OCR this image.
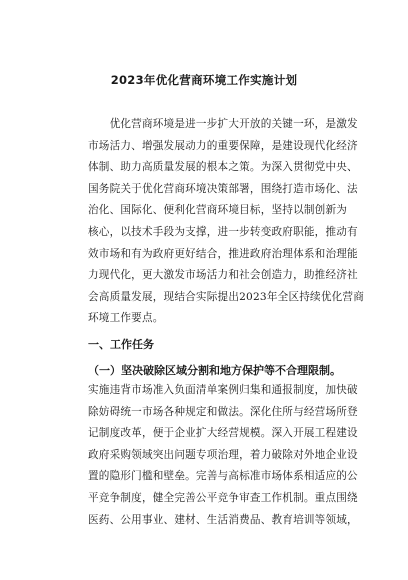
2023年优化营商环境工作实施计划
　　优化营商环境是进一步扩大开放的关键一环，是激发
市场活力、增强发展动力的重要保障，是建设现代化经济
体制、助力高质量发展的根本之策。为深入贯彻党中央、
国务院关于优化营商环境决策部署，围绕打造市场化、法
治化、国际化、便利化营商环境目标，坚持以制创新为
核心，以技术手段为支撑，进一步转变政府职能，推动有
效市场和有为政府更好结合，推进政府治理体系和治理能
力现代化，更大激发市场活力和社会创造力，助推经济社
会高质量发展，现结合实际提出2023年全区持续优化营商
环境工作要点。
一、工作任务
（一）坚决破除区域分割和地方保护等不合理限制。
实施违背市场准入负面清单案例归集和通报制度，加快破
除妨碍统一市场各种规定和做法。深化住所与经营场所登
记制度改革，便于企业扩大经营规模。深入开展工程建设
政府采购领域突出问题专项治理，着力破除对外地企业设
置的隐形门槛和壁垒。完善与高标准市场体系相适应的公
平竞争制度，健全完善公平竞争审查工作机制。重点围绕
医药、公用事业、建材、生活消费品、教育培训等领域，
